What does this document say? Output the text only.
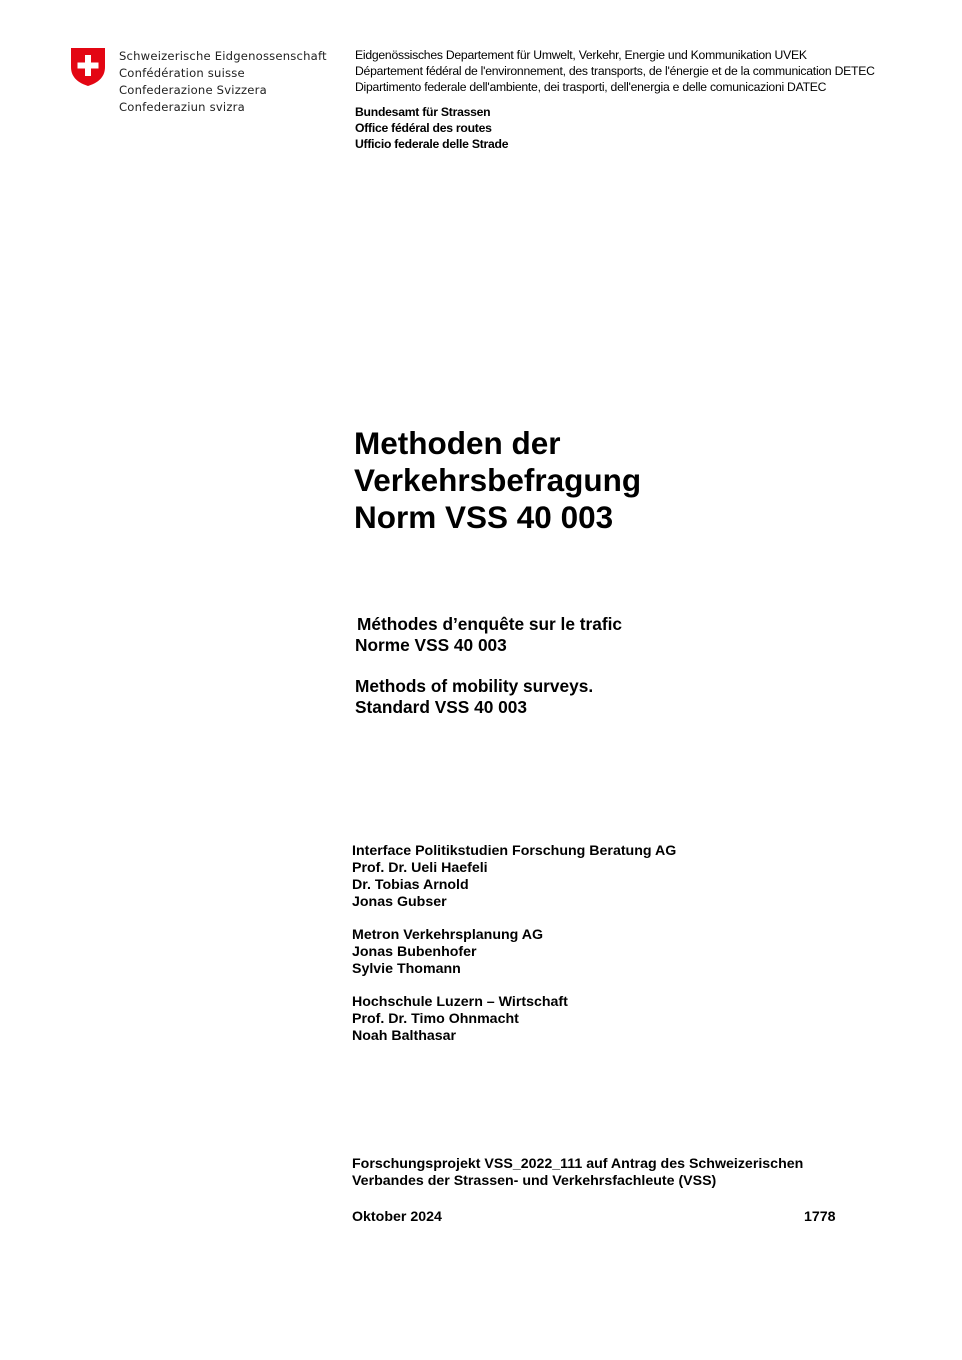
Schweizerische Eidgenossenschaft
Confédération suisse
Confederazione Svizzera
Confederaziun svizra
Eidgenössisches Departement für Umwelt, Verkehr, Energie und Kommunikation UVEK
Département fédéral de l'environnement, des transports, de l'énergie et de la communication DETEC
Dipartimento federale dell'ambiente, dei trasporti, dell'energia e delle comunicazioni DATEC
Bundesamt für Strassen
Office fédéral des routes
Ufficio federale delle Strade
Methoden der
Verkehrsbefragung
Norm VSS 40 003
Méthodes d’enquête sur le trafic
Norme VSS 40 003
Methods of mobility surveys.
Standard VSS 40 003
Interface Politikstudien Forschung Beratung AG
Prof. Dr. Ueli Haefeli
Dr. Tobias Arnold
Jonas Gubser
Metron Verkehrsplanung AG
Jonas Bubenhofer
Sylvie Thomann
Hochschule Luzern – Wirtschaft
Prof. Dr. Timo Ohnmacht
Noah Balthasar
Forschungsprojekt VSS_2022_111 auf Antrag des Schweizerischen
Verbandes der Strassen- und Verkehrsfachleute (VSS)
Oktober 2024	1778
